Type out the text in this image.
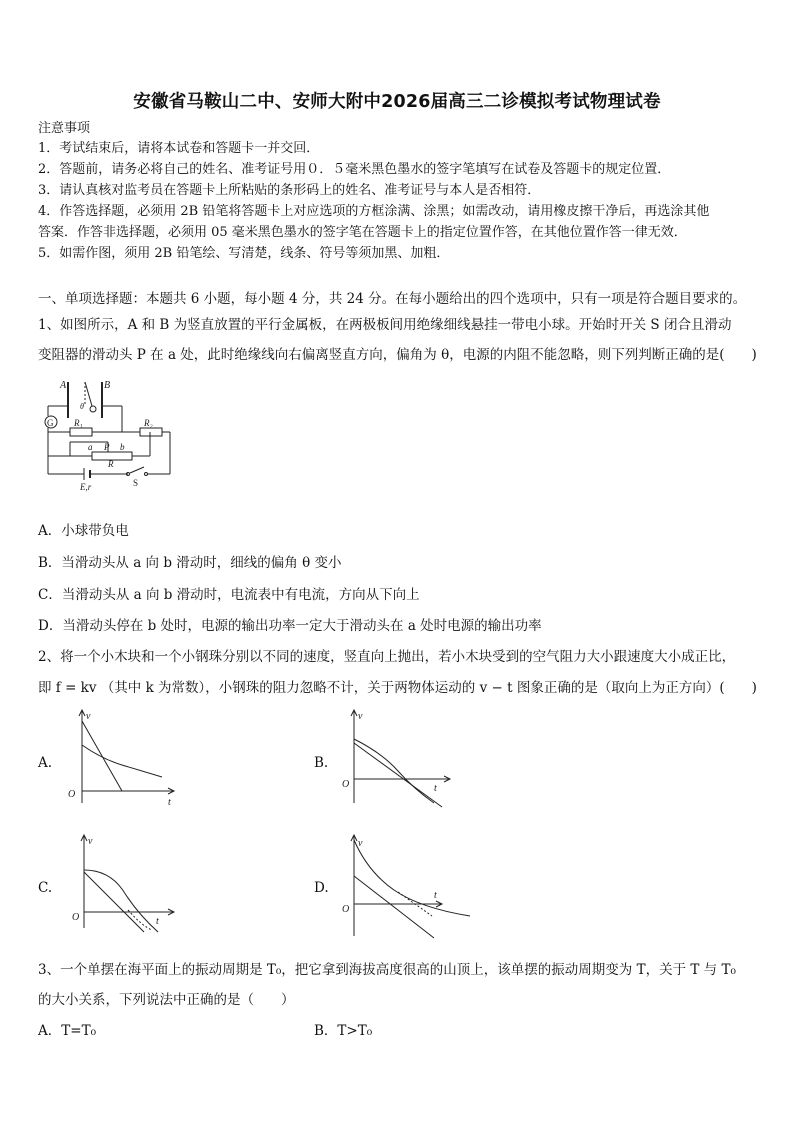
安徽省马鞍山二中、安师大附中2026届高三二诊模拟考试物理试卷
注意事项
1．考试结束后，请将本试卷和答题卡一并交回．
2．答题前，请务必将自己的姓名、准考证号用０．５毫米黑色墨水的签字笔填写在试卷及答题卡的规定位置．
3．请认真核对监考员在答题卡上所粘贴的条形码上的姓名、准考证号与本人是否相符．
4．作答选择题，必须用 2B 铅笔将答题卡上对应选项的方框涂满、涂黑；如需改动，请用橡皮擦干净后，再选涂其他
答案．作答非选择题，必须用 05 毫米黑色墨水的签字笔在答题卡上的指定位置作答，在其他位置作答一律无效．
5．如需作图，须用 2B 铅笔绘、写清楚，线条、符号等须加黑、加粗．
一、单项选择题：本题共 6 小题，每小题 4 分，共 24 分。在每小题给出的四个选项中，只有一项是符合题目要求的。
1、如图所示，A 和 B 为竖直放置的平行金属板，在两极板间用绝缘细线悬挂一带电小球。开始时开关 S 闭合且滑动
变阻器的滑动头 P 在 a 处，此时绝缘线向右偏离竖直方向，偏角为 θ，电源的内阻不能忽略，则下列判断正确的是(　　)
A	B
θ
G R₁	R₂
a P b
R
E,r	S
A．小球带负电
B．当滑动头从 a 向 b 滑动时，细线的偏角 θ 变小
C．当滑动头从 a 向 b 滑动时，电流表中有电流，方向从下向上
D．当滑动头停在 b 处时，电源的输出功率一定大于滑动头在 a 处时电源的输出功率
2、将一个小木块和一个小钢珠分别以不同的速度，竖直向上抛出，若小木块受到的空气阻力大小跟速度大小成正比，
即 f = kv （其中 k 为常数），小钢珠的阻力忽略不计，关于两物体运动的 v − t 图象正确的是（取向上为正方向）(　　)
A.
v
t
O
B.
v
t
O
C.
v
t
O
D.
v
t
O
3、一个单摆在海平面上的振动周期是 T₀，把它拿到海拔高度很高的山顶上，该单摆的振动周期变为 T，关于 T 与 T₀
的大小关系，下列说法中正确的是（　　）
A．T=T₀	B．T>T₀
